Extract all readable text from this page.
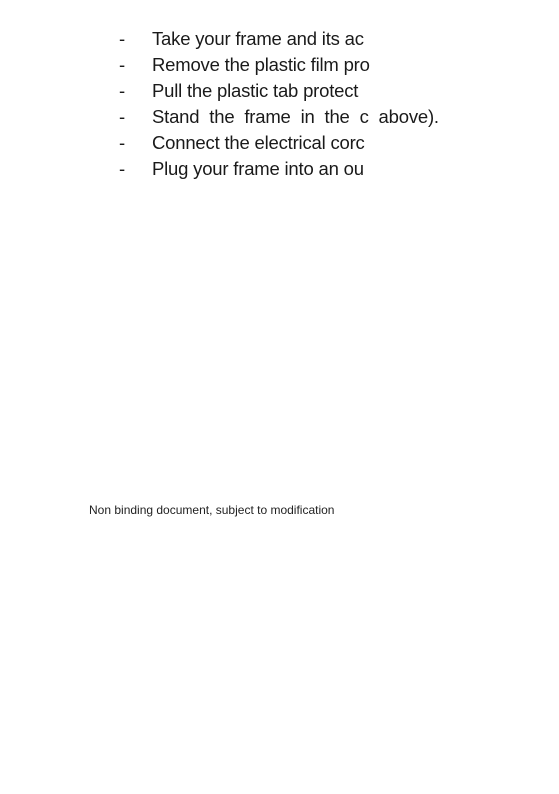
-	Take your frame and its ac
-	Remove the plastic film pro
-	Pull the plastic tab protect
-	Stand the frame in the c above).
-	Connect the electrical corc
-	Plug your frame into an ou
Non binding document, subject to modification
